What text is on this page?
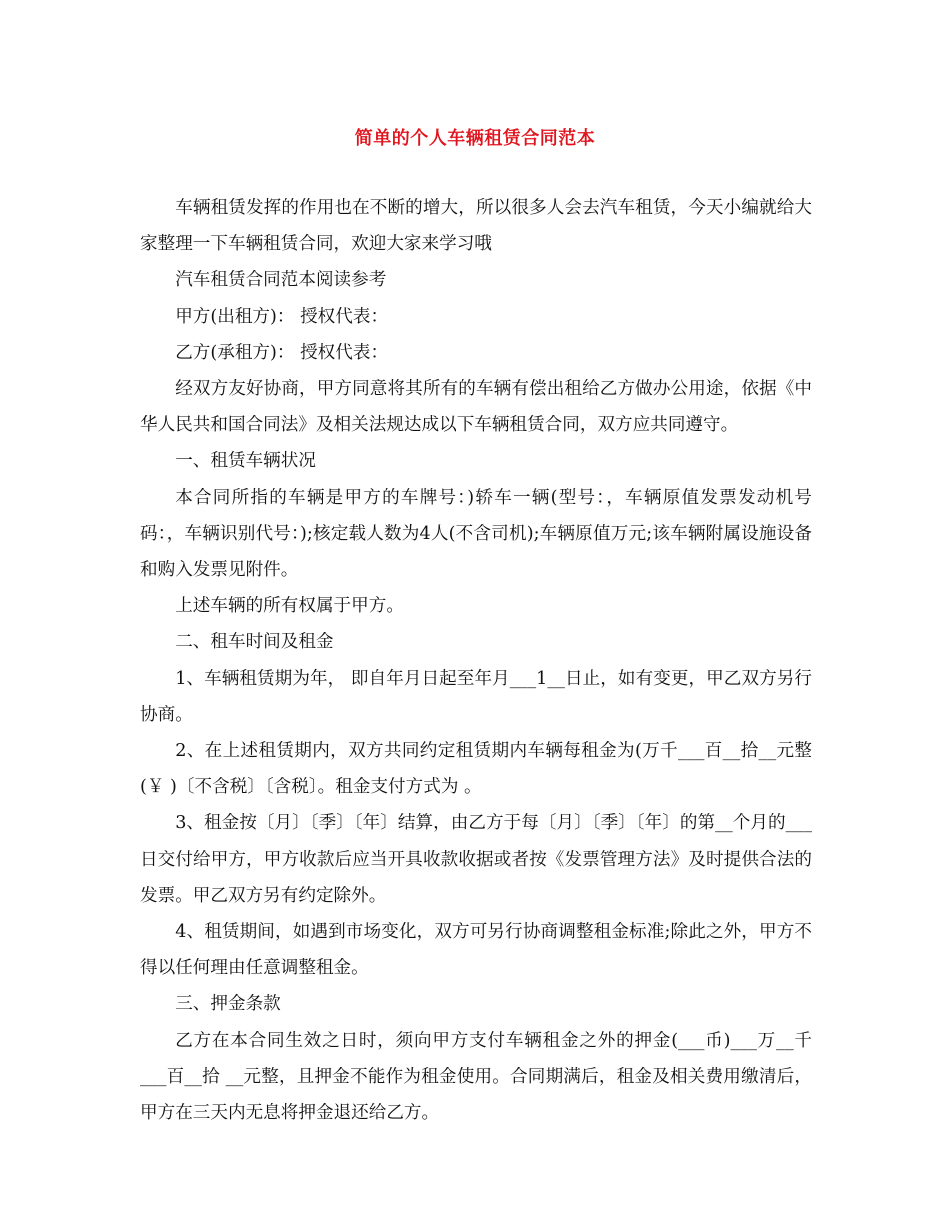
简单的个人车辆租赁合同范本

车辆租赁发挥的作用也在不断的增大，所以很多人会去汽车租赁，今天小编就给大家整理一下车辆租赁合同，欢迎大家来学习哦

汽车租赁合同范本阅读参考

甲方(出租方)： 授权代表：

乙方(承租方)： 授权代表：

经双方友好协商，甲方同意将其所有的车辆有偿出租给乙方做办公用途，依据《中华人民共和国合同法》及相关法规达成以下车辆租赁合同，双方应共同遵守。

一、租赁车辆状况

本合同所指的车辆是甲方的车牌号：)轿车一辆(型号：，车辆原值发票发动机号码：，车辆识别代号：);核定载人数为4人(不含司机);车辆原值万元;该车辆附属设施设备和购入发票见附件。

上述车辆的所有权属于甲方。

二、租车时间及租金

1、车辆租赁期为年， 即自年月日起至年月___1__日止，如有变更，甲乙双方另行协商。

2、在上述租赁期内，双方共同约定租赁期内车辆每租金为(万千___百__拾__元整(￥ )〔不含税〕〔含税〕。租金支付方式为 。

3、租金按〔月〕〔季〕〔年〕结算，由乙方于每〔月〕〔季〕〔年〕的第__个月的___日交付给甲方，甲方收款后应当开具收款收据或者按《发票管理方法》及时提供合法的发票。甲乙双方另有约定除外。

4、租赁期间，如遇到市场变化，双方可另行协商调整租金标准;除此之外，甲方不得以任何理由任意调整租金。

三、押金条款

乙方在本合同生效之日时，须向甲方支付车辆租金之外的押金(___币)___万__千___百__拾 __元整，且押金不能作为租金使用。合同期满后，租金及相关费用缴清后，甲方在三天内无息将押金退还给乙方。
